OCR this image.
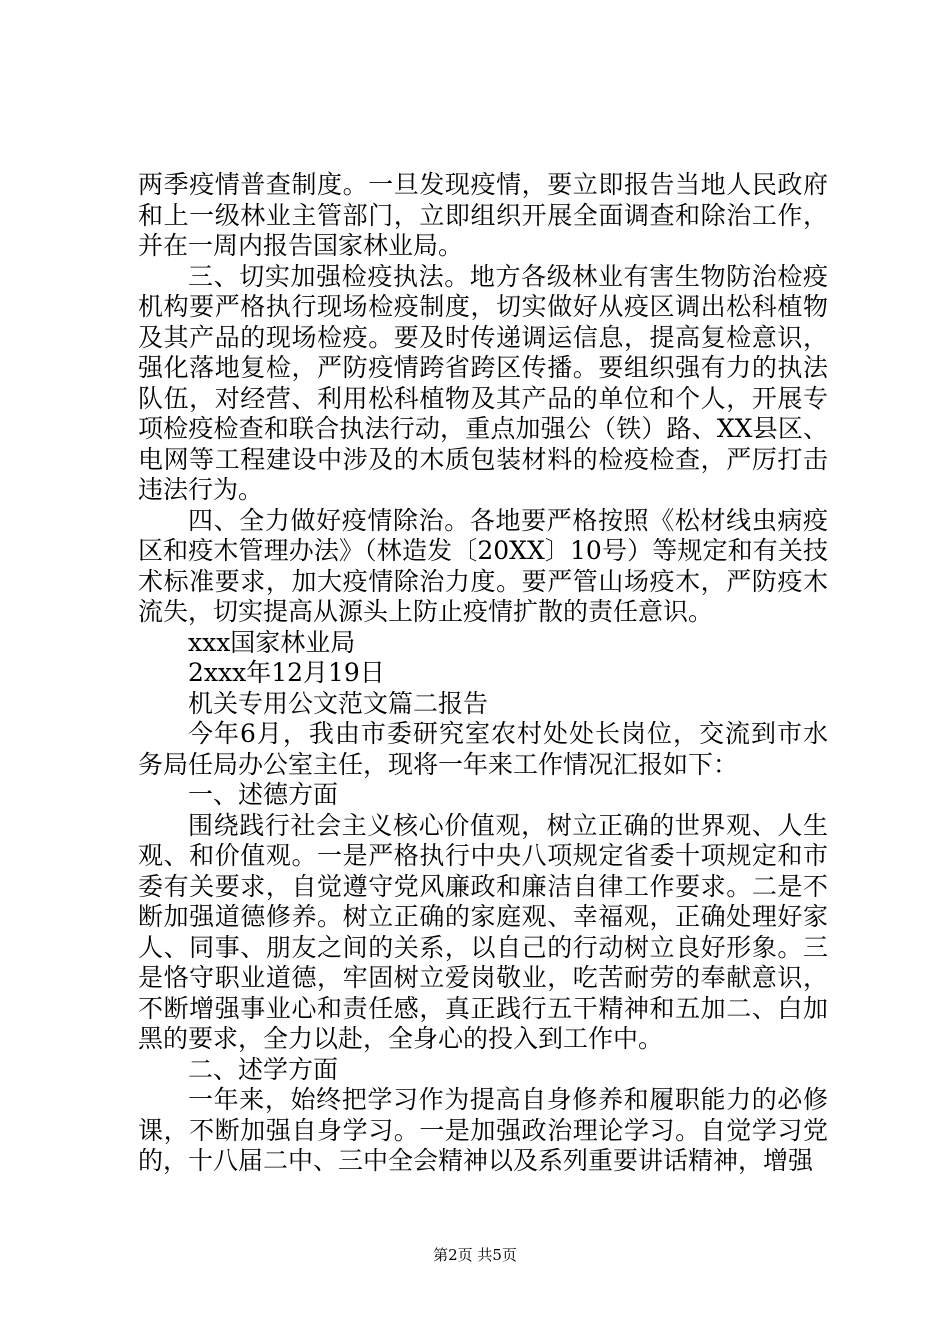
两季疫情普查制度。一旦发现疫情，要立即报告当地人民政府和上一级林业主管部门，立即组织开展全面调查和除治工作，并在一周内报告国家林业局。

三、切实加强检疫执法。地方各级林业有害生物防治检疫机构要严格执行现场检疫制度，切实做好从疫区调出松科植物及其产品的现场检疫。要及时传递调运信息，提高复检意识，强化落地复检，严防疫情跨省跨区传播。要组织强有力的执法队伍，对经营、利用松科植物及其产品的单位和个人，开展专项检疫检查和联合执法行动，重点加强公（铁）路、XX县区、电网等工程建设中涉及的木质包装材料的检疫检查，严厉打击违法行为。

四、全力做好疫情除治。各地要严格按照《松材线虫病疫区和疫木管理办法》（林造发〔20XX〕10号）等规定和有关技术标准要求，加大疫情除治力度。要严管山场疫木，严防疫木流失，切实提高从源头上防止疫情扩散的责任意识。

xxx国家林业局

2xxx年12月19日

机关专用公文范文篇二报告

今年6月，我由市委研究室农村处处长岗位，交流到市水务局任局办公室主任，现将一年来工作情况汇报如下：

一、述德方面

围绕践行社会主义核心价值观，树立正确的世界观、人生观、和价值观。一是严格执行中央八项规定省委十项规定和市委有关要求，自觉遵守党风廉政和廉洁自律工作要求。二是不断加强道德修养。树立正确的家庭观、幸福观，正确处理好家人、同事、朋友之间的关系，以自己的行动树立良好形象。三是恪守职业道德，牢固树立爱岗敬业，吃苦耐劳的奉献意识，不断增强事业心和责任感，真正践行五干精神和五加二、白加黑的要求，全力以赴，全身心的投入到工作中。

二、述学方面

一年来，始终把学习作为提高自身修养和履职能力的必修课，不断加强自身学习。一是加强政治理论学习。自觉学习党的，十八届二中、三中全会精神以及系列重要讲话精神，增强

第2页 共5页
